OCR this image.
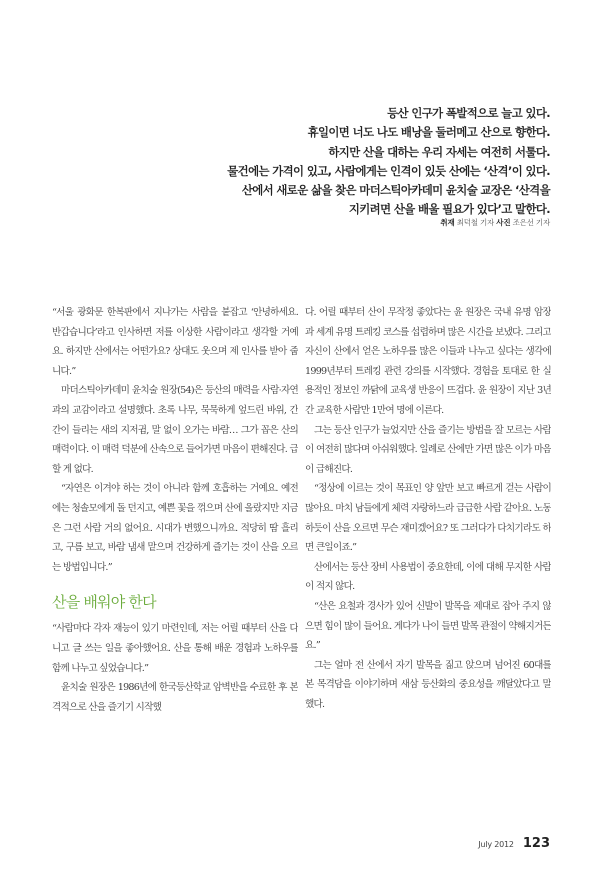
등산 인구가 폭발적으로 늘고 있다.

휴일이면 너도 나도 배낭을 둘러메고 산으로 향한다.

하지만 산을 대하는 우리 자세는 여전히 서툴다.

물건에는 가격이 있고, 사람에게는 인격이 있듯 산에는 ‘산격’이 있다.

산에서 새로운 삶을 찾은 마더스틱아카데미 윤치술 교장은 ‘산격을

지키려면 산을 배울 필요가 있다’고 말한다.

취재 최덕철 기자 사진 조은선 기자

“서울 광화문 한복판에서 지나가는 사람을 붙잡고 ‘안녕하세요. 반갑습니다’라고 인사하면 저를 이상한 사람이라고 생각할 거예요. 하지만 산에서는 어떤가요? 상대도 웃으며 제 인사를 받아 줍니다.”

마더스틱아카데미 윤치술 원장(54)은 등산의 매력을 사람·자연과의 교감이라고 설명했다. 초록 나무, 묵묵하게 엎드린 바위, 간간이 들리는 새의 지저귐, 말 없이 오가는 바람… 그가 꼽은 산의 매력이다. 이 매력 덕분에 산속으로 들어가면 마음이 편해진다. 급할 게 없다.

“자연은 이겨야 하는 것이 아니라 함께 호흡하는 거예요. 예전에는 청솔모에게 돌 던지고, 예쁜 꽃을 꺾으며 산에 올랐지만 지금은 그런 사람 거의 없어요. 시대가 변했으니까요. 적당히 땀 흘리고, 구름 보고, 바람 냄새 맡으며 건강하게 즐기는 것이 산을 오르는 방법입니다.”

산을 배워야 한다

“사람마다 각자 재능이 있기 마련인데, 저는 어릴 때부터 산을 다니고 글 쓰는 일을 좋아했어요. 산을 통해 배운 경험과 노하우를 함께 나누고 싶었습니다.”

윤치술 원장은 1986년에 한국등산학교 암벽반을 수료한 후 본격적으로 산을 즐기기 시작했

다. 어릴 때부터 산이 무작정 좋았다는 윤 원장은 국내 유명 암장과 세계 유명 트레킹 코스를 섭렵하며 많은 시간을 보냈다. 그리고 자신이 산에서 얻은 노하우를 많은 이들과 나누고 싶다는 생각에 1999년부터 트레킹 관련 강의를 시작했다. 경험을 토대로 한 실용적인 정보인 까닭에 교육생 반응이 뜨겁다. 윤 원장이 지난 3년 간 교육한 사람만 1만여 명에 이른다.

그는 등산 인구가 늘었지만 산을 즐기는 방법을 잘 모르는 사람이 여전히 많다며 아쉬워했다. 일례로 산에만 가면 많은 이가 마음이 급해진다.

“정상에 이르는 것이 목표인 양 앞만 보고 빠르게 걷는 사람이 많아요. 마치 남들에게 체력 자랑하느라 급급한 사람 같아요. 노동하듯이 산을 오르면 무슨 재미겠어요? 또 그러다가 다치기라도 하면 큰일이죠.”

산에서는 등산 장비 사용법이 중요한데, 이에 대해 무지한 사람이 적지 않다.

“산은 요철과 경사가 있어 신발이 발목을 제대로 잡아 주지 않으면 힘이 많이 들어요. 게다가 나이 들면 발목 관절이 약해지거든요.”

그는 얼마 전 산에서 자기 발목을 짊고 앉으며 넘어진 60대를 본 목격담을 이야기하며 새삼 등산화의 중요성을 깨달았다고 말했다.

July 2012 123
